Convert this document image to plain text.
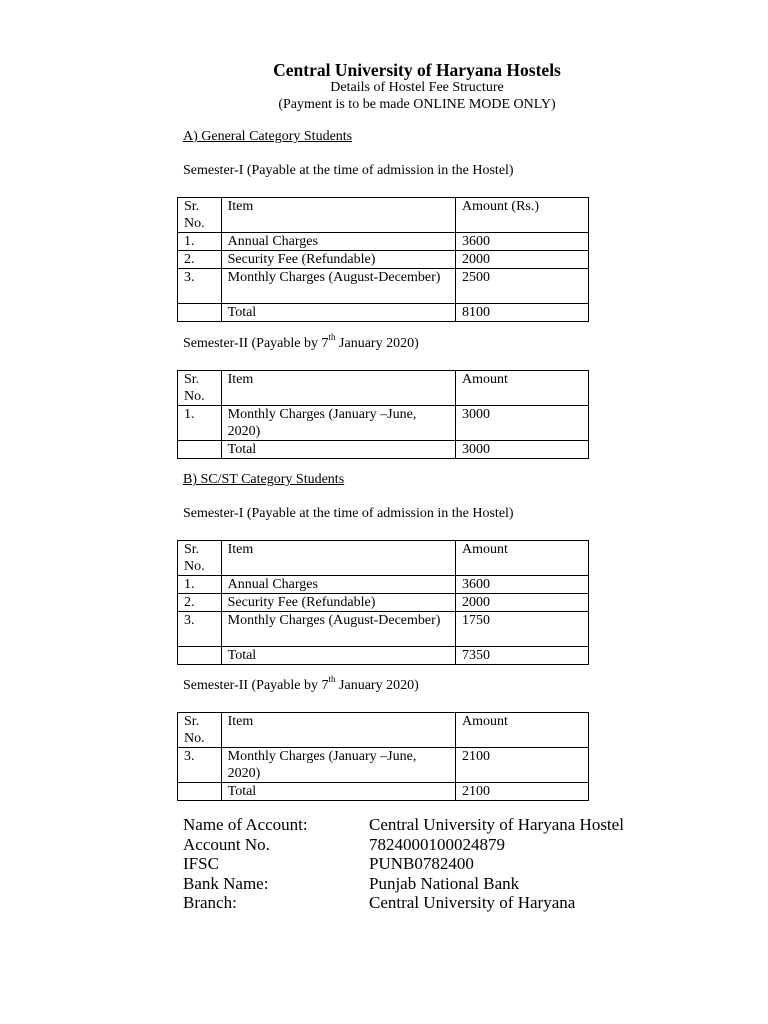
Central University of Haryana Hostels
Details of Hostel Fee Structure
(Payment is to be made ONLINE MODE ONLY)
A) General Category Students
Semester-I (Payable at the time of admission in the Hostel)
Sr. No.	Item	Amount (Rs.)
1.	Annual Charges	3600
2.	Security Fee (Refundable)	2000
3.	Monthly Charges (August-December)	2500
	Total	8100
Semester-II (Payable by 7th January 2020)
Sr. No.	Item	Amount
1.	Monthly Charges (January –June, 2020)	3000
	Total	3000
B) SC/ST Category Students
Semester-I (Payable at the time of admission in the Hostel)
Sr. No.	Item	Amount
1.	Annual Charges	3600
2.	Security Fee (Refundable)	2000
3.	Monthly Charges (August-December)	1750
	Total	7350
Semester-II (Payable by 7th January 2020)
Sr. No.	Item	Amount
3.	Monthly Charges (January –June, 2020)	2100
	Total	2100
Name of Account:	Central University of Haryana Hostel
Account No.	7824000100024879
IFSC	PUNB0782400
Bank Name:	Punjab National Bank
Branch:	Central University of Haryana
